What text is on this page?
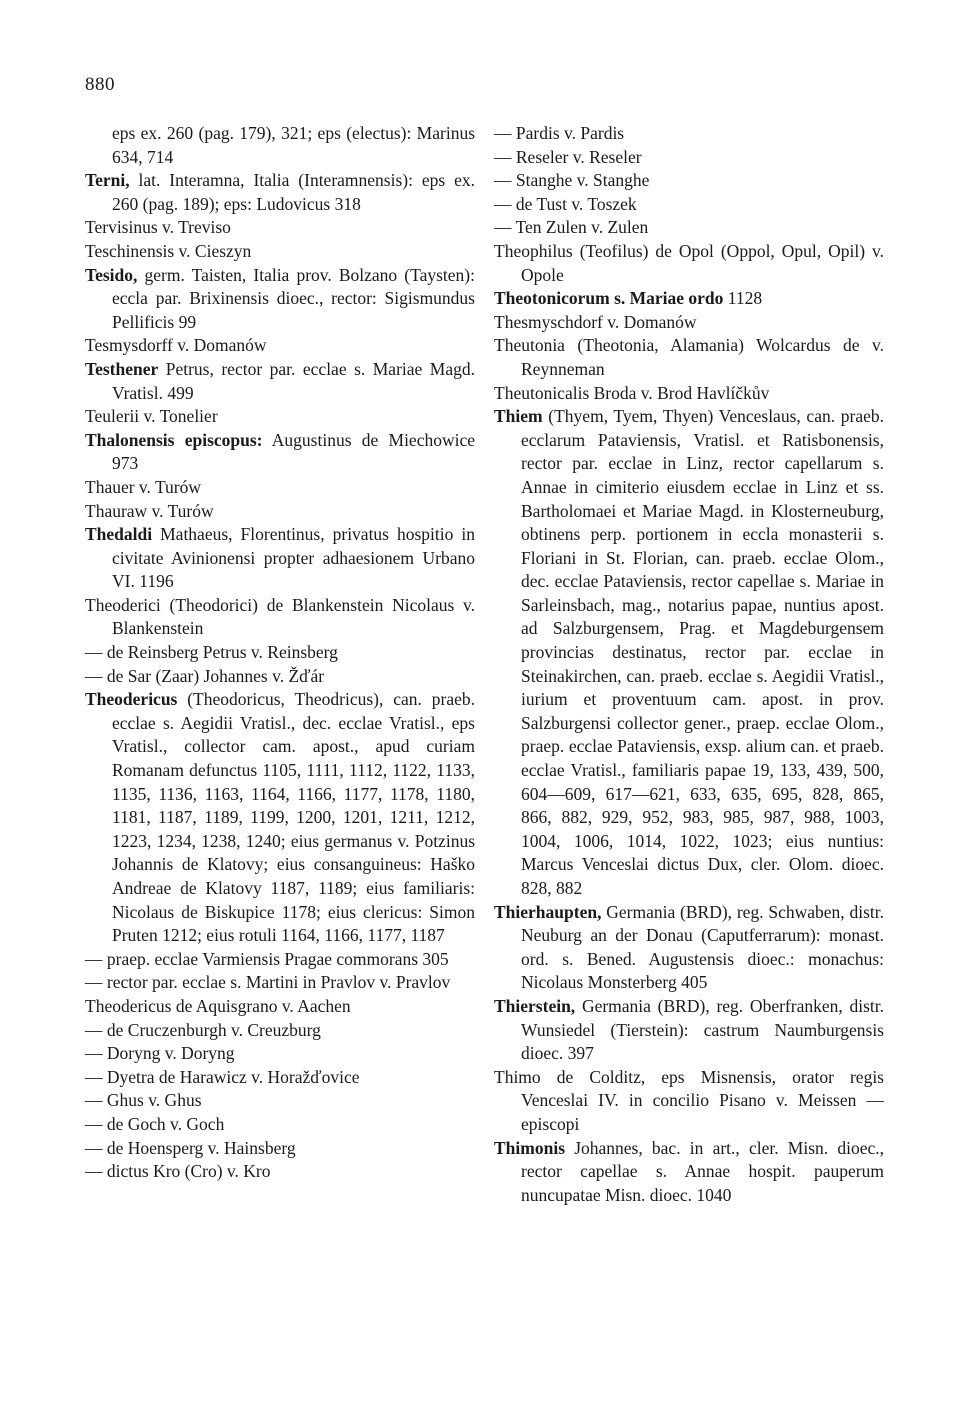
880
eps ex. 260 (pag. 179), 321; eps (electus): Marinus 634, 714
Terni, lat. Interamna, Italia (Interamnensis): eps ex. 260 (pag. 189); eps: Ludovicus 318
Tervisinus v. Treviso
Teschinensis v. Cieszyn
Tesido, germ. Taisten, Italia prov. Bolzano (Taysten): eccla par. Brixinensis dioec., rector: Sigismundus Pellificis 99
Tesmysdorff v. Domanów
Testhener Petrus, rector par. ecclae s. Mariae Magd. Vratisl. 499
Teulerii v. Tonelier
Thalonensis episcopus: Augustinus de Miechowice 973
Thauer v. Turów
Thauraw v. Turów
Thedaldi Mathaeus, Florentinus, privatus hospitio in civitate Avinionensi propter adhaesionem Urbano VI. 1196
Theoderici (Theodorici) de Blankenstein Nicolaus v. Blankenstein
— de Reinsberg Petrus v. Reinsberg
— de Sar (Zaar) Johannes v. Žďár
Theodericus (Theodoricus, Theodricus), can. praeb. ecclae s. Aegidii Vratisl., dec. ecclae Vratisl., eps Vratisl., collector cam. apost., apud curiam Romanam defunctus 1105, 1111, 1112, 1122, 1133, 1135, 1136, 1163, 1164, 1166, 1177, 1178, 1180, 1181, 1187, 1189, 1199, 1200, 1201, 1211, 1212, 1223, 1234, 1238, 1240; eius germanus v. Potzinus Johannis de Klatovy; eius consanguineus: Haško Andreae de Klatovy 1187, 1189; eius familiaris: Nicolaus de Biskupice 1178; eius clericus: Simon Pruten 1212; eius rotuli 1164, 1166, 1177, 1187
— praep. ecclae Varmiensis Pragae commorans 305
— rector par. ecclae s. Martini in Pravlov v. Pravlov
Theodericus de Aquisgrano v. Aachen
— de Cruczenburgh v. Creuzburg
— Doryng v. Doryng
— Dyetra de Harawicz v. Horažďovice
— Ghus v. Ghus
— de Goch v. Goch
— de Hoensperg v. Hainsberg
— dictus Kro (Cro) v. Kro
— Pardis v. Pardis
— Reseler v. Reseler
— Stanghe v. Stanghe
— de Tust v. Toszek
— Ten Zulen v. Zulen
Theophilus (Teofilus) de Opol (Oppol, Opul, Opil) v. Opole
Theotonicorum s. Mariae ordo 1128
Thesmyschdorf v. Domanów
Theutonia (Theotonia, Alamania) Wolcardus de v. Reynneman
Theutonicalis Broda v. Brod Havlíčkův
Thiem (Thyem, Tyem, Thyen) Venceslaus, can. praeb. ecclarum Pataviensis, Vratisl. et Ratisbonensis, rector par. ecclae in Linz, rector capellarum s. Annae in cimiterio eiusdem ecclae in Linz et ss. Bartholomaei et Mariae Magd. in Klosterneuburg, obtinens perp. portionem in eccla monasterii s. Floriani in St. Florian, can. praeb. ecclae Olom., dec. ecclae Pataviensis, rector capellae s. Mariae in Sarleinsbach, mag., notarius papae, nuntius apost. ad Salzburgensem, Prag. et Magdeburgensem provincias destinatus, rector par. ecclae in Steinakirchen, can. praeb. ecclae s. Aegidii Vratisl., iurium et proventuum cam. apost. in prov. Salzburgensi collector gener., praep. ecclae Olom., praep. ecclae Pataviensis, exsp. alium can. et praeb. ecclae Vratisl., familiaris papae 19, 133, 439, 500, 604—609, 617—621, 633, 635, 695, 828, 865, 866, 882, 929, 952, 983, 985, 987, 988, 1003, 1004, 1006, 1014, 1022, 1023; eius nuntius: Marcus Venceslai dictus Dux, cler. Olom. dioec. 828, 882
Thierhaupten, Germania (BRD), reg. Schwaben, distr. Neuburg an der Donau (Caputferrarum): monast. ord. s. Bened. Augustensis dioec.: monachus: Nicolaus Monsterberg 405
Thierstein, Germania (BRD), reg. Oberfranken, distr. Wunsiedel (Tierstein): castrum Naumburgensis dioec. 397
Thimo de Colditz, eps Misnensis, orator regis Venceslai IV. in concilio Pisano v. Meissen — episcopi
Thimonis Johannes, bac. in art., cler. Misn. dioec., rector capellae s. Annae hospit. pauperum nuncupatae Misn. dioec. 1040
